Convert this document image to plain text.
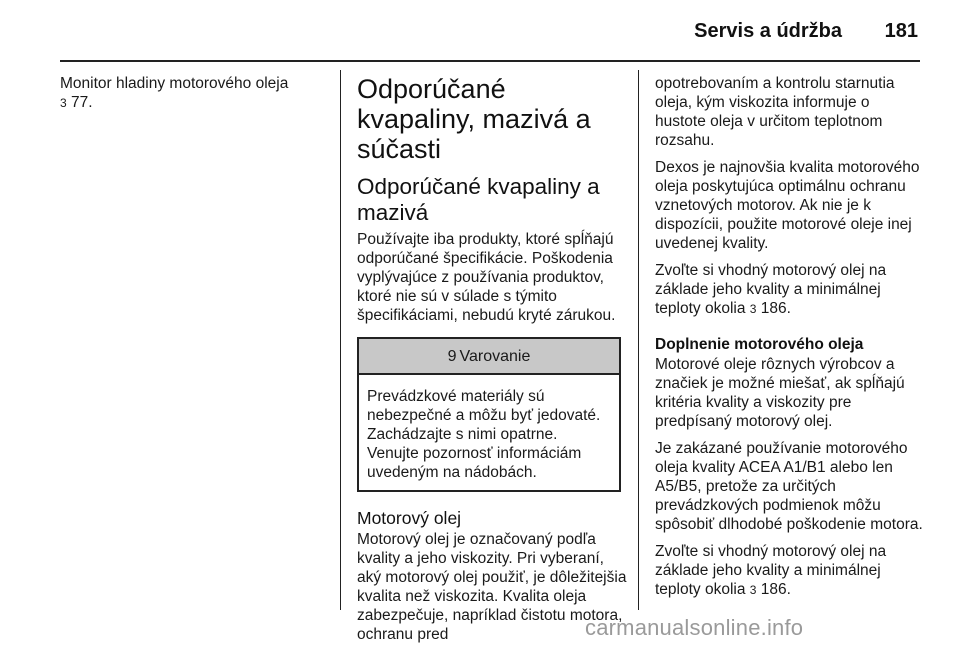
Servis a údržba 181

Monitor hladiny motorového oleja
3 77.	Odporúčané kvapaliny, mazivá a súčasti
Odporúčané kvapaliny a mazivá

Používajte iba produkty, ktoré spĺňajú odporúčané špecifikácie. Poškodenia vyplývajúce z používania produktov, ktoré nie sú v súlade s týmito špecifikáciami, nebudú kryté zárukou.

9 Varovanie
Prevádzkové materiály sú nebezpečné a môžu byť jedovaté. Zachádzajte s nimi opatrne. Venujte pozornosť informáciám uvedeným na nádobách.
Motorový olej

Motorový olej je označovaný podľa kvality a jeho viskozity. Pri vyberaní, aký motorový olej použiť, je dôležitejšia kvalita než viskozita. Kvalita oleja zabezpečuje, napríklad čistotu motora, ochranu pred

opotrebovaním a kontrolu starnutia oleja, kým viskozita informuje o hustote oleja v určitom teplotnom rozsahu.

Dexos je najnovšia kvalita motorového oleja poskytujúca optimálnu ochranu vznetových motorov. Ak nie je k dispozícii, použite motorové oleje inej uvedenej kvality.

Zvoľte si vhodný motorový olej na základe jeho kvality a minimálnej teploty okolia 3 186.

Doplnenie motorového oleja

Motorové oleje rôznych výrobcov a značiek je možné miešať, ak spĺňajú kritéria kvality a viskozity pre predpísaný motorový olej.

Je zakázané používanie motorového oleja kvality ACEA A1/B1 alebo len A5/B5, pretože za určitých prevádzkových podmienok môžu spôsobiť dlhodobé poškodenie motora.

Zvoľte si vhodný motorový olej na základe jeho kvality a minimálnej teploty okolia 3 186.

carmanualsonline.info
